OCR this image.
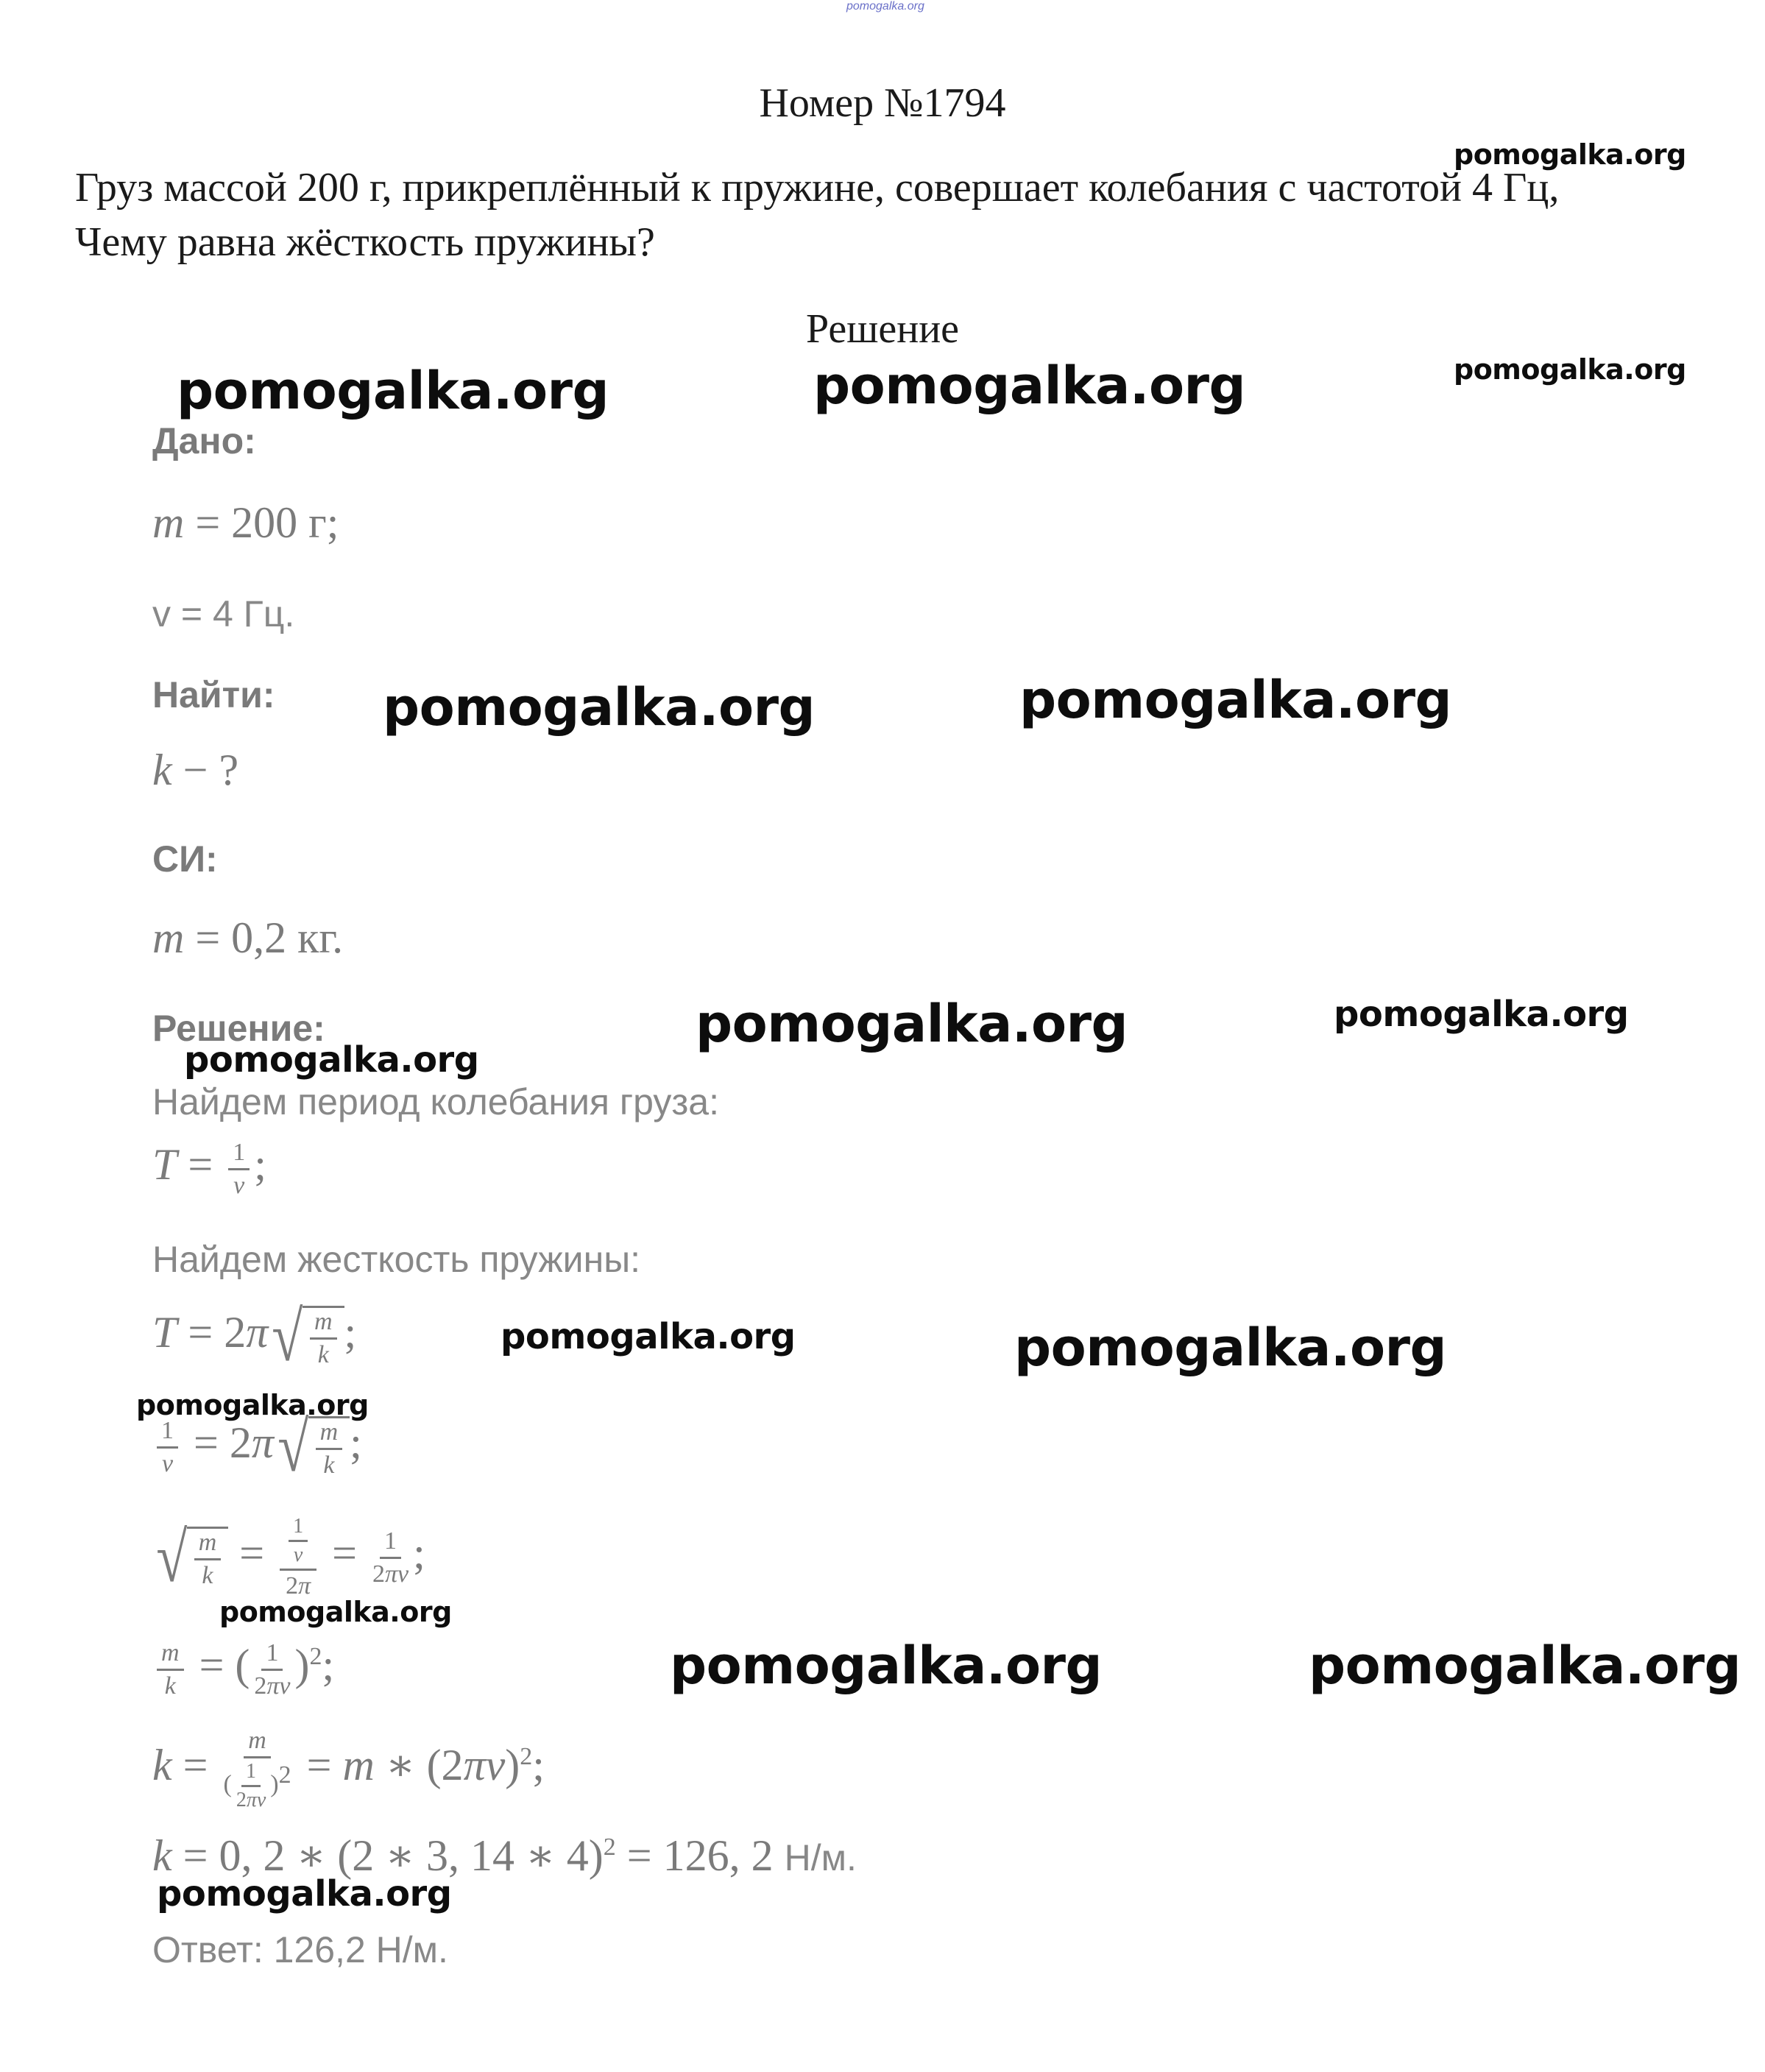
pomogalka.org
Номер №1794
Груз массой 200 г, прикреплённый к пружине, совершает колебания с частотой 4 Гц,
Чему равна жёсткость пружины?
Решение
Дано:
m = 200 г;
v = 4 Гц.
Найти:
k − ?
СИ:
m = 0,2 кг.
Решение:
Найдем период колебания груза:
$T = \frac{1}{\nu}$ ;
Найдем жесткость пружины:
T = 2π √ $\frac{m}{k}$ ;
$\frac{1}{\nu} = 2\pi$ √ $\frac{m}{k}$ ;
√ $\frac{m}{k} = \frac{\frac{1}{\nu}}{2\pi} = \frac{1}{2\pi\nu}$ ;
$\frac{m}{k}$ = ( $\frac{1}{2\pi\nu} )^2$;
$k = \frac{m}{( \frac{1}{2\pi\nu} )^2} = m$ ∗ $(2\pi\nu)^2$;
k = 0, 2 ∗ (2 ∗ 3, 14 ∗ 4)$^2$ = 126, 2 Н/м.
Ответ: 126,2 Н/м.
pomogalka.org
pomogalka.org
pomogalka.org	pomogalka.org
pomogalka.org	pomogalka.org
pomogalka.org	pomogalka.org
pomogalka.org
pomogalka.org	pomogalka.org
pomogalka.org
pomogalka.org
pomogalka.org	pomogalka.org
pomogalka.org
